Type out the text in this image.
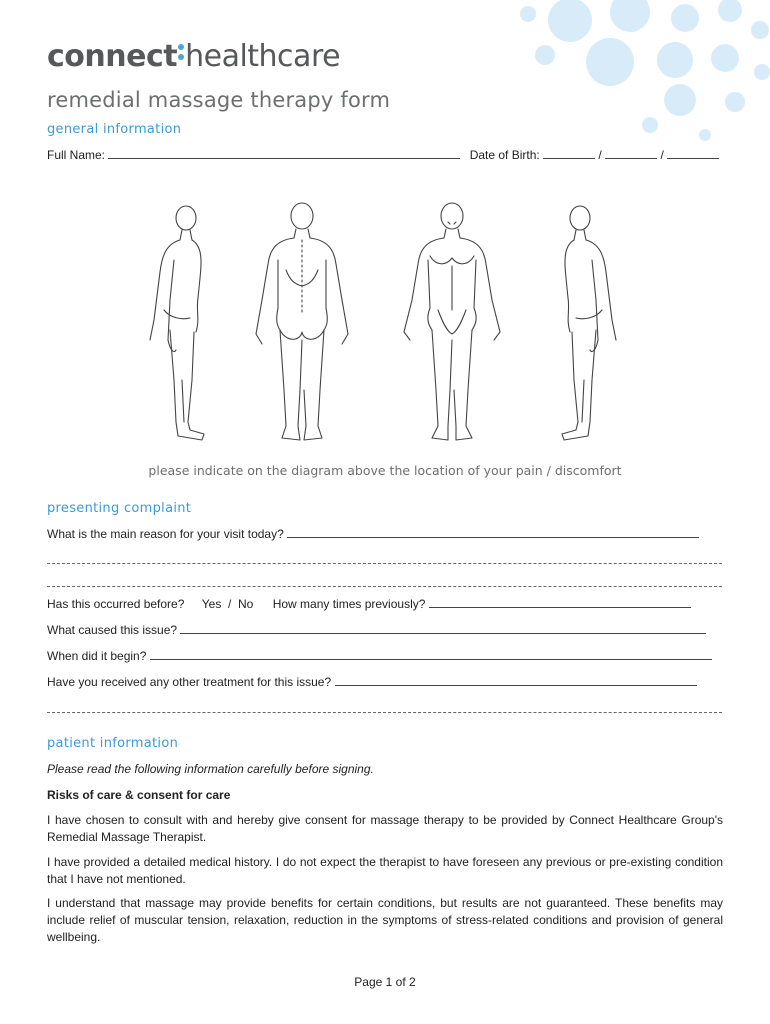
connect healthcare
remedial massage therapy form
general information
Full Name:	Date of Birth:	/	/
please indicate on the diagram above the location of your pain / discomfort
presenting complaint
What is the main reason for your visit today?
Has this occurred before? Yes  /  No How many times previously?
What caused this issue?
When did it begin?
Have you received any other treatment for this issue?
patient information
Please read the following information carefully before signing.
Risks of care & consent for care
I have chosen to consult with and hereby give consent for massage therapy to be provided by Connect Healthcare Group's Remedial Massage Therapist.
I have provided a detailed medical history. I do not expect the therapist to have foreseen any previous or pre-existing condition that I have not mentioned.
I understand that massage may provide benefits for certain conditions, but results are not guaranteed. These benefits may include relief of muscular tension, relaxation, reduction in the symptoms of stress-related conditions and provision of general wellbeing.
Page 1 of 2
